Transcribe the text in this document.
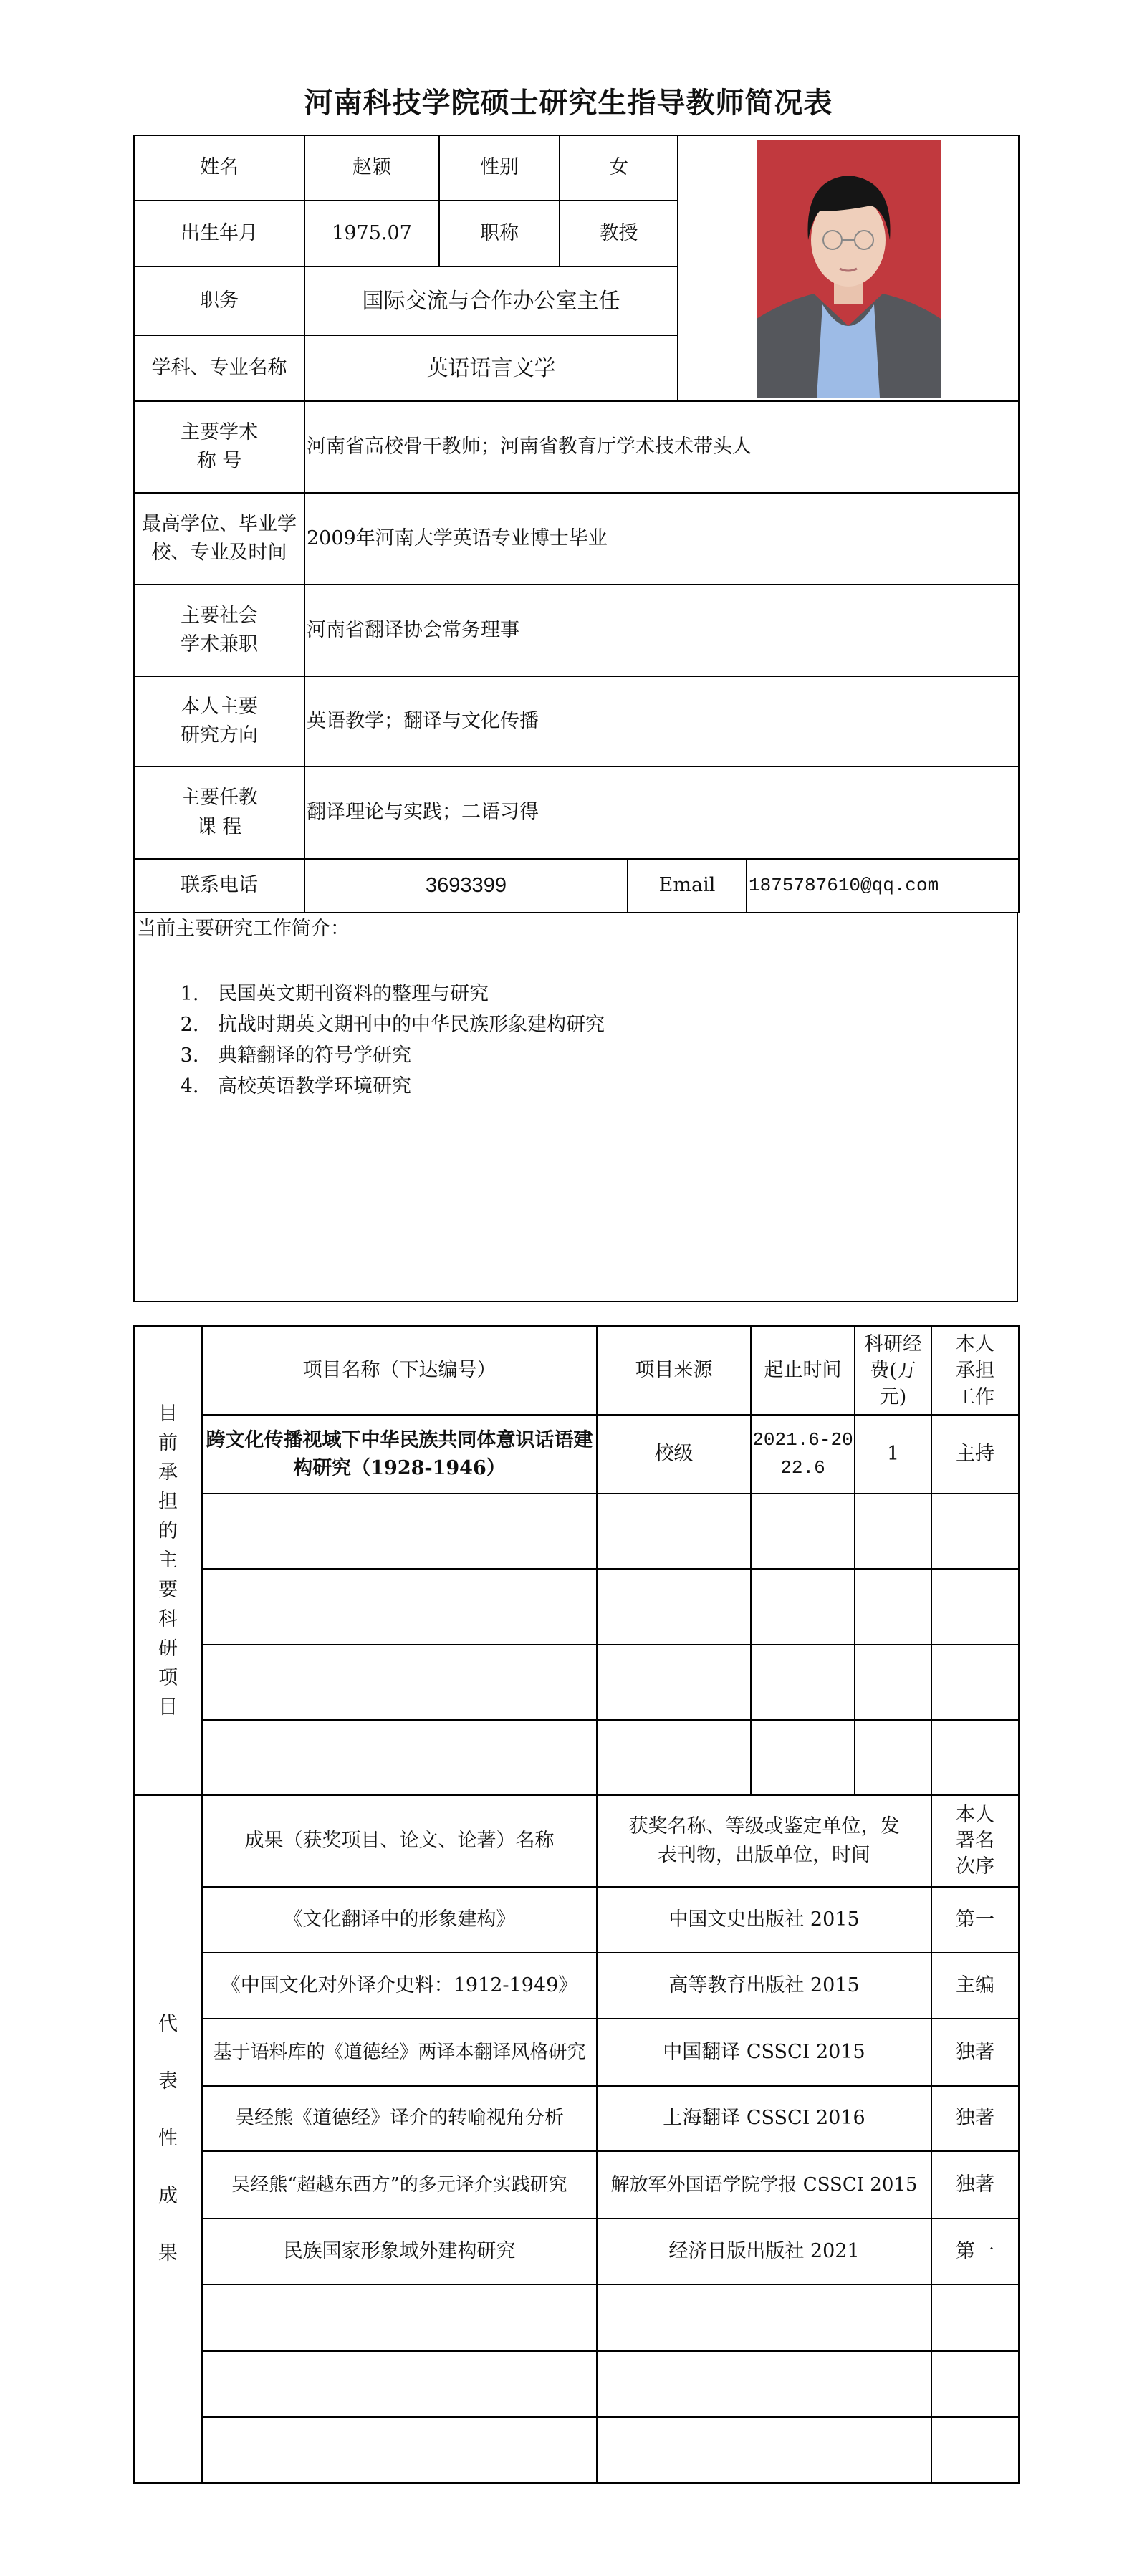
河南科技学院硕士研究生指导教师简况表
姓名	赵颖	性别	女	

出生年月	1975.07	职称	教授	
职务	国际交流与合作办公室主任			
学科、专业名称	英语语言文学			

主要学术
称 号	河南省高校骨干教师；河南省教育厅学术技术带头人			

最高学位、毕业学
校、专业及时间	2009年河南大学英语专业博士毕业			

主要社会
学术兼职	河南省翻译协会常务理事			

本人主要
研究方向	英语教学；翻译与文化传播			

主要任教
课 程	翻译理论与实践；二语习得			
联系电话	3693399	Email	1875787610@qq.com
当前主要研究工作简介：
1. 民国英文期刊资料的整理与研究
2. 抗战时期英文期刊中的中华民族形象建构研究
3. 典籍翻译的符号学研究
4. 高校英语教学环境研究
目前承担的主要科研项目	项目名称（下达编号）	项目来源	起止时间	科研经费(万元)	本人承担工作

	跨文化传播视域下中华民族共同体意识话语建构研究（1928-1946）	校级	2021.6-2022.6	1	主持

代表性成果	成果（获奖项目、论文、论著）名称	获奖名称、等级或鉴定单位，发表刊物，出版单位，时间	本人署名次序

	《文化翻译中的形象建构》	中国文史出版社 2015	第一
	《中国文化对外译介史料：1912-1949》	高等教育出版社 2015	主编
	基于语料库的《道德经》两译本翻译风格研究	中国翻译 CSSCI 2015	独著
	吴经熊《道德经》译介的转喻视角分析	上海翻译 CSSCI 2016	独著
	吴经熊“超越东西方”的多元译介实践研究	解放军外国语学院学报 CSSCI 2015	独著
	民族国家形象域外建构研究	经济日版出版社 2021	第一
